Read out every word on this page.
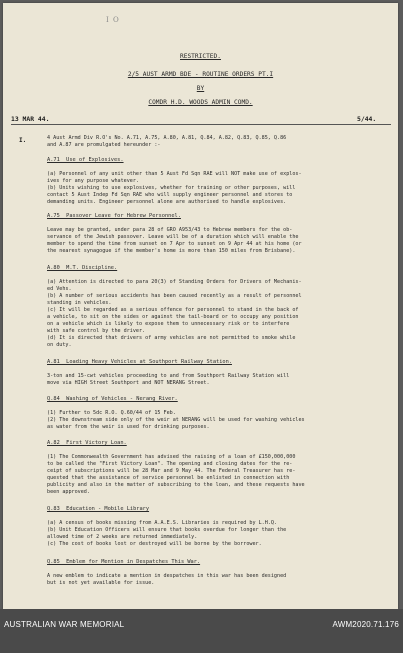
I O
RESTRICTED.
2/5 AUST ARMD BDE - ROUTINE ORDERS PT.I
BY
COMDR H.D. WOODS ADMIN COMD.
13 MAR 44.	5/44.
I.	4 Aust Armd Div R.O's No. A.71, A.75, A.80, A.81, Q.84, A.82, Q.83, Q.85, Q.86
and A.87 are promulgated hereunder :-
A.71  Use of Explosives.
(a) Personnel of any unit other than 5 Aust Fd Sqn RAE will NOT make use of explos-
ives for any purpose whatever.
(b) Units wishing to use explosives, whether for training or other purposes, will
contact 5 Aust Indep Fd Sqn RAE who will supply engineer personnel and stores to
demanding units. Engineer personnel alone are authorised to handle explosives.
A.75  Passover Leave for Hebrew Personnel.
Leave may be granted, under para 28 of GRO A953/43 to Hebrew members for the ob-
servance of the Jewish passover. Leave will be of a duration which will enable the
member to spend the time from sunset on 7 Apr to sunset on 9 Apr 44 at his home (or
the nearest synagogue if the member's home is more than 150 miles from Brisbane).
A.80  M.T. Discipline.
(a) Attention is directed to para 20(3) of Standing Orders for Drivers of Mechanis-
ed Vehs.
(b) A number of serious accidents has been caused recently as a result of personnel
standing in vehicles.
(c) It will be regarded as a serious offence for personnel to stand in the back of
a vehicle, to sit on the sides or against the tail-board or to occupy any position
on a vehicle which is likely to expose them to unnecessary risk or to interfere
with safe control by the driver.
(d) It is directed that drivers of army vehicles are not permitted to smoke while
on duty.
A.81  Loading Heavy Vehicles at Southport Railway Station.
3-ton and 15-cwt vehicles proceeding to and from Southport Railway Station will
move via HIGH Street Southport and NOT NERANG Street.
Q.84  Washing of Vehicles - Nerang River.
(1) Further to 5dc R.O. Q.60/44 of 15 Feb.
(2) The downstream side only of the weir at NERANG will be used for washing vehicles
as water from the weir is used for drinking purposes.
A.82  First Victory Loan.
(1) The Commonwealth Government has advised the raising of a loan of £150,000,000
to be called the "First Victory Loan". The opening and closing dates for the re-
ceipt of subscriptions will be 28 Mar and 9 May 44. The Federal Treasurer has re-
quested that the assistance of service personnel be enlisted in connection with
publicity and also in the matter of subscribing to the loan, and these requests have
been approved.
Q.83  Education - Mobile Library
(a) A census of books missing from A.A.E.S. Libraries is required by L.H.Q.
(b) Unit Education Officers will ensure that books overdue for longer than the
allowed time of 2 weeks are returned immediately.
(c) The cost of books lost or destroyed will be borne by the borrower.
Q.85  Emblem for Mention in Despatches This War.
A new emblem to indicate a mention in despatches in this war has been designed
but is not yet available for issue.
AUSTRALIAN WAR MEMORIAL	AWM2020.71.176
